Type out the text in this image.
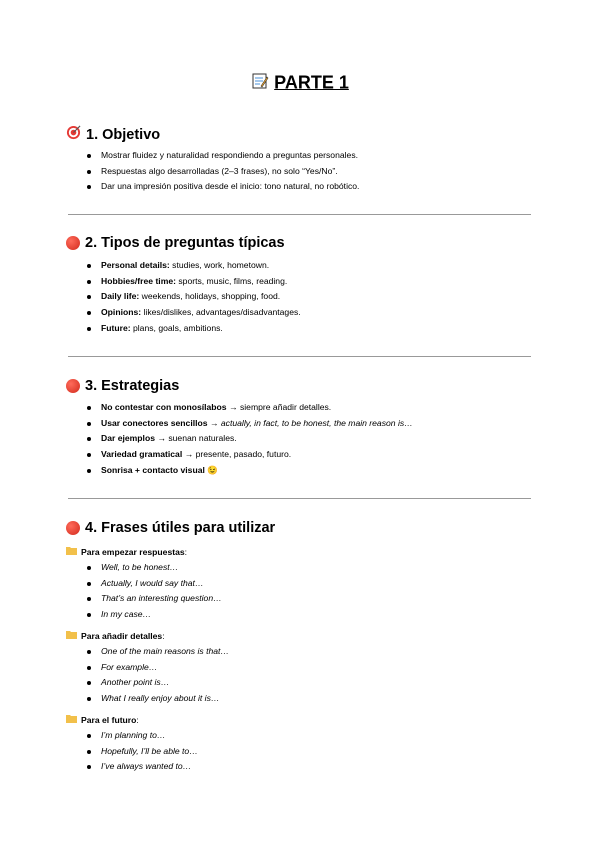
PARTE 1
1. Objetivo
Mostrar fluidez y naturalidad respondiendo a preguntas personales.
Respuestas algo desarrolladas (2–3 frases), no solo “Yes/No”.
Dar una impresión positiva desde el inicio: tono natural, no robótico.
2. Tipos de preguntas típicas
Personal details: studies, work, hometown.
Hobbies/free time: sports, music, films, reading.
Daily life: weekends, holidays, shopping, food.
Opinions: likes/dislikes, advantages/disadvantages.
Future: plans, goals, ambitions.
3. Estrategias
No contestar con monosílabos → siempre añadir detalles.
Usar conectores sencillos → actually, in fact, to be honest, the main reason is…
Dar ejemplos → suenan naturales.
Variedad gramatical → presente, pasado, futuro.
Sonrisa + contacto visual 😉
4. Frases útiles para utilizar
Para empezar respuestas :
Well, to be honest…
Actually, I would say that…
That’s an interesting question…
In my case…
Para añadir detalles :
One of the main reasons is that…
For example…
Another point is…
What I really enjoy about it is…
Para el futuro :
I’m planning to…
Hopefully, I’ll be able to…
I’ve always wanted to…
